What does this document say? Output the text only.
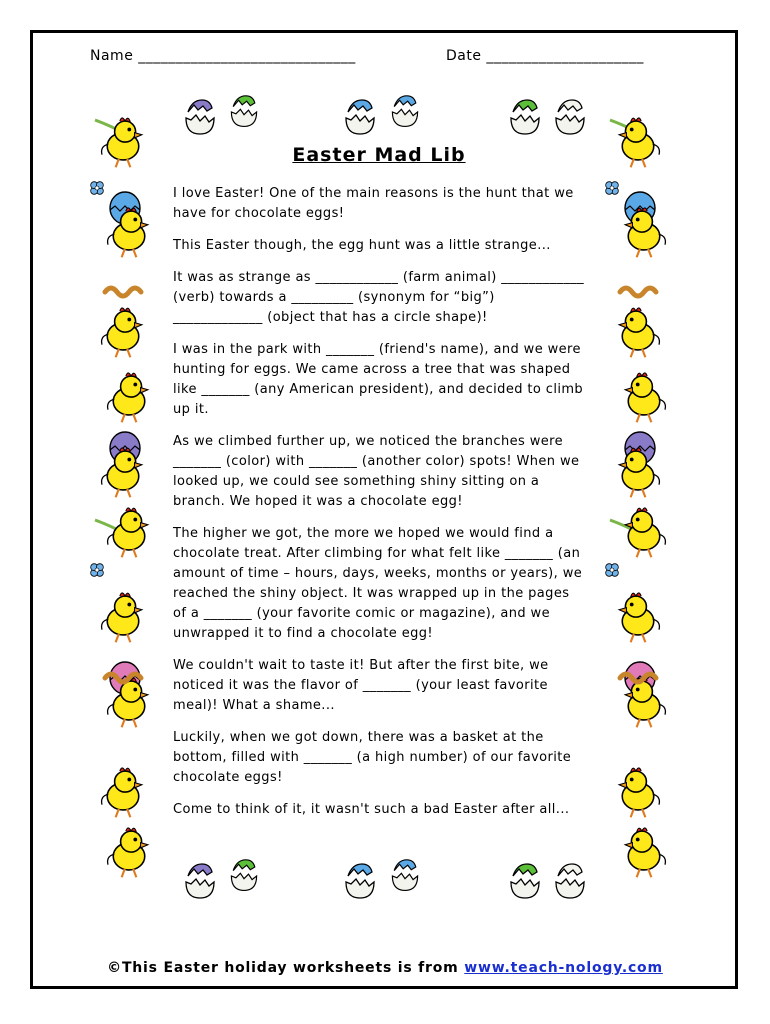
Name _____________________________	Date _____________________
Easter Mad Lib

I love Easter! One of the main reasons is the hunt that we have for chocolate eggs!

This Easter though, the egg hunt was a little strange...

It was as strange as ____________ (farm animal) ____________ (verb) towards a _________ (synonym for “big”) _____________ (object that has a circle shape)!

I was in the park with _______ (friend's name), and we were hunting for eggs. We came across a tree that was shaped like _______ (any American president), and decided to climb up it.

As we climbed further up, we noticed the branches were _______ (color) with _______ (another color) spots! When we looked up, we could see something shiny sitting on a branch. We hoped it was a chocolate egg!

The higher we got, the more we hoped we would find a chocolate treat. After climbing for what felt like _______ (an amount of time – hours, days, weeks, months or years), we reached the shiny object. It was wrapped up in the pages of a _______ (your favorite comic or magazine), and we unwrapped it to find a chocolate egg!

We couldn't wait to taste it! But after the first bite, we noticed it was the flavor of _______ (your least favorite meal)! What a shame...

Luckily, when we got down, there was a basket at the bottom, filled with _______ (a high number) of our favorite chocolate eggs!

Come to think of it, it wasn't such a bad Easter after all...

©This Easter holiday worksheets is from www.teach-nology.com
